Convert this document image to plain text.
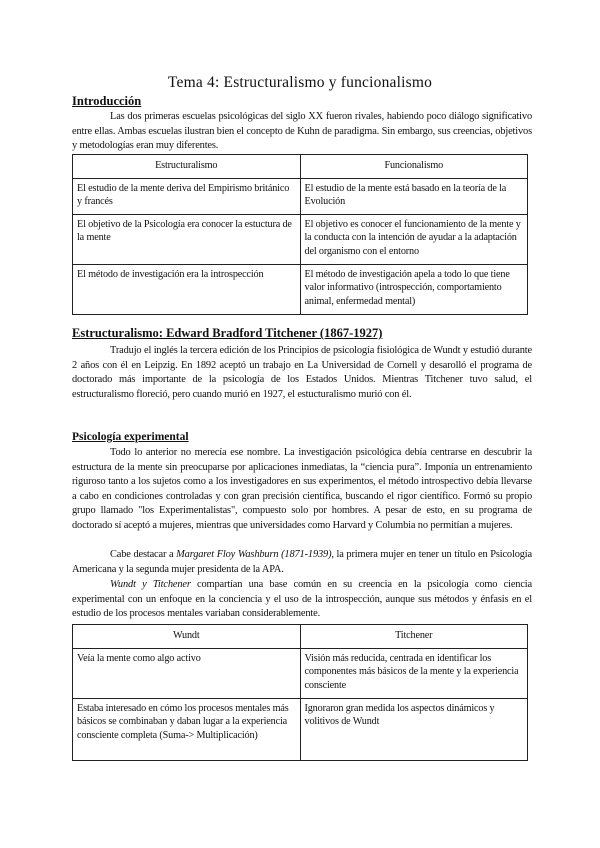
Tema 4: Estructuralismo y funcionalismo
Introducción

Las dos primeras escuelas psicológicas del siglo XX fueron rivales, habiendo poco diálogo significativo entre ellas. Ambas escuelas ilustran bien el concepto de Kuhn de paradigma. Sin embargo, sus creencias, objetivos y metodologías eran muy diferentes.

Estructuralismo	Funcionalismo
El estudio de la mente deriva del Empirismo británico y francés	El estudio de la mente está basado en la teoría de la Evolución
El objetivo de la Psicología era conocer la estuctura de la mente	El objetivo es conocer el funcionamiento de la mente y la conducta con la intención de ayudar a la adaptación del organismo con el entorno
El método de investigación era la introspección	El método de investigación apela a todo lo que tiene valor informativo (introspección, comportamiento animal, enfermedad mental)
Estructuralismo: Edward Bradford Titchener (1867-1927)

Tradujo el inglés la tercera edición de los Principios de psicología fisiológica de Wundt y estudió durante 2 años con él en Leipzig. En 1892 aceptó un trabajo en La Universidad de Cornell y desarolló el programa de doctorado más importante de la psicología de los Estados Unidos. Mientras Titchener tuvo salud, el estructuralismo floreció, pero cuando murió en 1927, el estucturalismo murió con él.

Psicología experimental

Todo lo anterior no merecía ese nombre. La investigación psicológica debía centrarse en descubrir la estructura de la mente sin preocuparse por aplicaciones inmediatas, la “ciencia pura”. Imponía un entrenamiento riguroso tanto a los sujetos como a los investigadores en sus experimentos, el método introspectivo debía llevarse a cabo en condiciones controladas y con gran precisión científica, buscando el rigor científico. Formó su propio grupo llamado "los Experimentalistas", compuesto solo por hombres. A pesar de esto, en su programa de doctorado sí aceptó a mujeres, mientras que universidades como Harvard y Columbia no permitían a mujeres.

Cabe destacar a Margaret Floy Washburn (1871-1939), la primera mujer en tener un título en Psicología Americana y la segunda mujer presidenta de la APA.

Wundt y Titchener compartían una base común en su creencia en la psicología como ciencia experimental con un enfoque en la conciencia y el uso de la introspección, aunque sus métodos y énfasis en el estudio de los procesos mentales variaban considerablemente.

Wundt	Titchener
Veía la mente como algo activo	Visión más reducida, centrada en identificar los componentes más básicos de la mente y la experiencia consciente
Estaba interesado en cómo los procesos mentales más básicos se combinaban y daban lugar a la experiencia consciente completa (Suma-> Multiplicación)	Ignoraron gran medida los aspectos dinámicos y volitivos de Wundt
